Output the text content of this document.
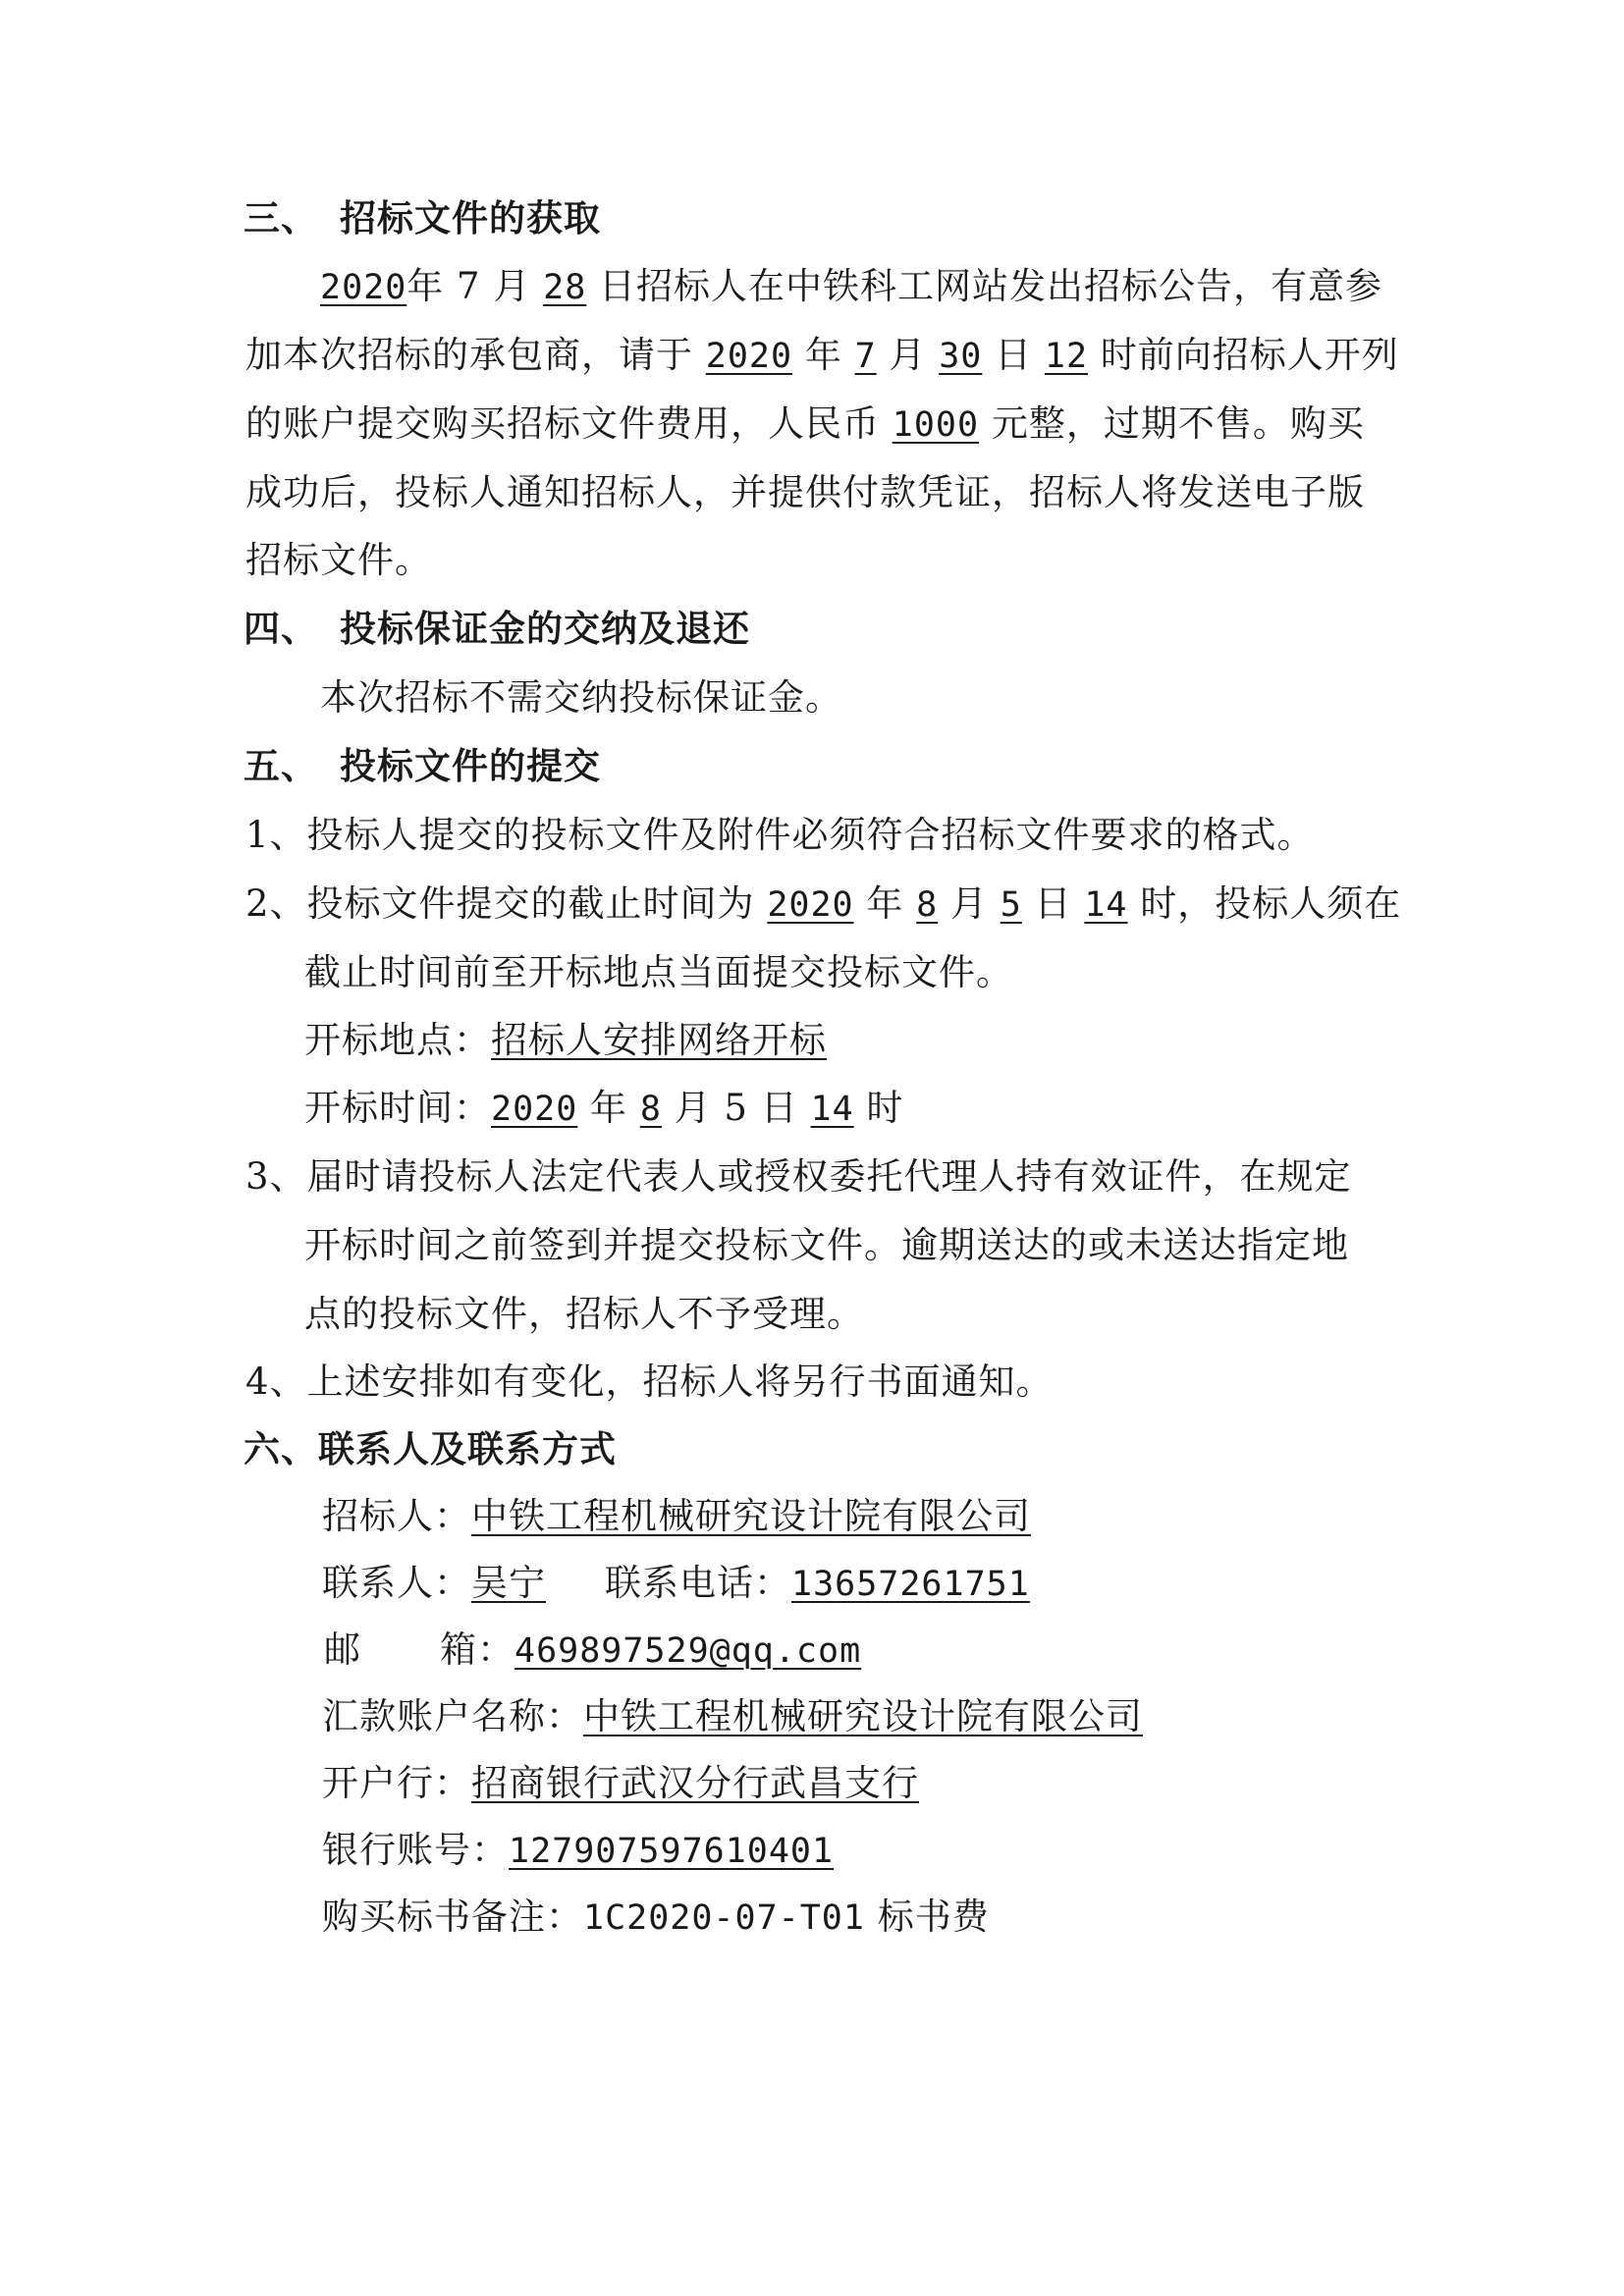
三、 招标文件的获取
2020年 7 月 28 日招标人在中铁科工网站发出招标公告，有意参
加本次招标的承包商，请于 2020 年 7 月 30 日 12 时前向招标人开列
的账户提交购买招标文件费用，人民币 1000 元整，过期不售。购买
成功后，投标人通知招标人，并提供付款凭证，招标人将发送电子版
招标文件。
四、 投标保证金的交纳及退还
本次招标不需交纳投标保证金。
五、 投标文件的提交
1、投标人提交的投标文件及附件必须符合招标文件要求的格式。
2、投标文件提交的截止时间为 2020 年 8 月 5 日 14 时，投标人须在
截止时间前至开标地点当面提交投标文件。
开标地点：招标人安排网络开标
开标时间：2020 年 8 月 5 日 14 时
3、届时请投标人法定代表人或授权委托代理人持有效证件，在规定
开标时间之前签到并提交投标文件。逾期送达的或未送达指定地
点的投标文件，招标人不予受理。
4、上述安排如有变化，招标人将另行书面通知。
六、联系人及联系方式
招标人：中铁工程机械研究设计院有限公司
联系人：吴宁 联系电话：13657261751
邮 箱：469897529@qq.com
汇款账户名称：中铁工程机械研究设计院有限公司
开户行：招商银行武汉分行武昌支行
银行账号：127907597610401
购买标书备注：1C2020-07-T01 标书费
